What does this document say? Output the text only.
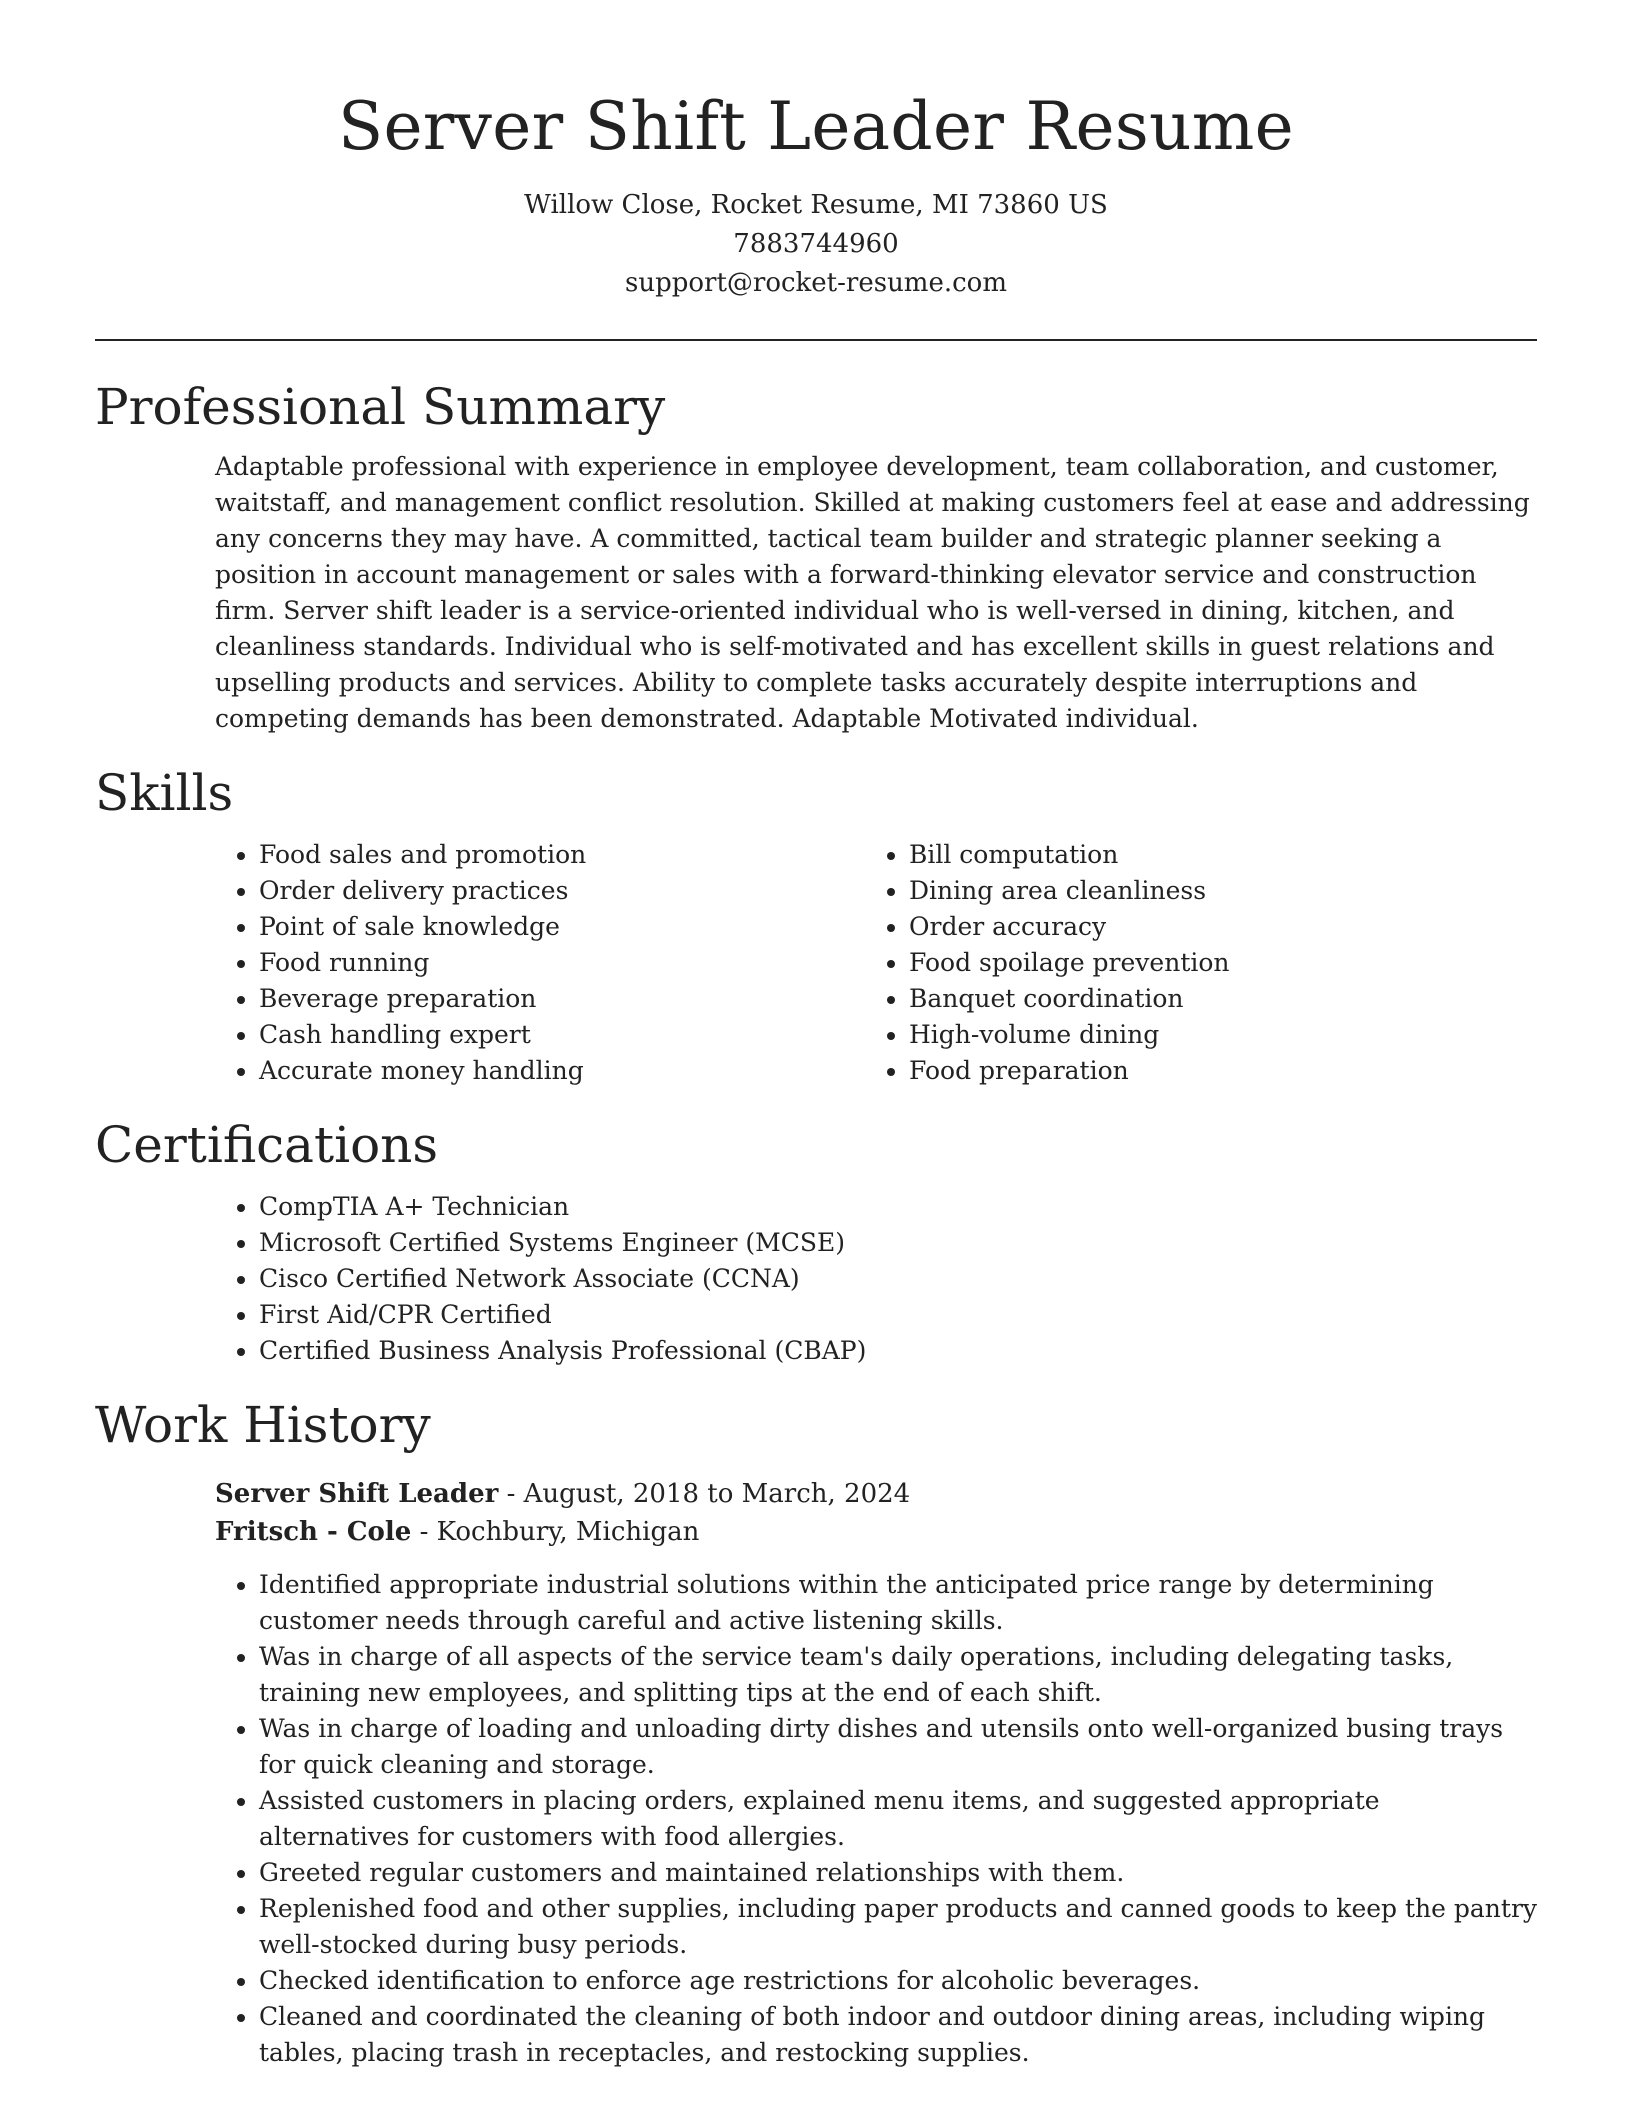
Server Shift Leader Resume
Willow Close, Rocket Resume, MI 73860 US
7883744960
support@rocket-resume.com
Professional Summary

Adaptable professional with experience in employee development, team collaboration, and customer, waitstaff, and management conflict resolution. Skilled at making customers feel at ease and addressing any concerns they may have. A committed, tactical team builder and strategic planner seeking a position in account management or sales with a forward-thinking elevator service and construction firm. Server shift leader is a service-oriented individual who is well-versed in dining, kitchen, and cleanliness standards. Individual who is self-motivated and has excellent skills in guest relations and upselling products and services. Ability to complete tasks accurately despite interruptions and competing demands has been demonstrated. Adaptable Motivated individual.

Skills
• Food sales and promotion
• Order delivery practices
• Point of sale knowledge
• Food running
• Beverage preparation
• Cash handling expert
• Accurate money handling
• Bill computation
• Dining area cleanliness
• Order accuracy
• Food spoilage prevention
• Banquet coordination
• High-volume dining
• Food preparation
Certifications
• CompTIA A+ Technician
• Microsoft Certified Systems Engineer (MCSE)
• Cisco Certified Network Associate (CCNA)
• First Aid/CPR Certified
• Certified Business Analysis Professional (CBAP)
Work History
Server Shift Leader - August, 2018 to March, 2024
Fritsch - Cole - Kochbury, Michigan
• Identified appropriate industrial solutions within the anticipated price range by determining customer needs through careful and active listening skills.
• Was in charge of all aspects of the service team's daily operations, including delegating tasks, training new employees, and splitting tips at the end of each shift.
• Was in charge of loading and unloading dirty dishes and utensils onto well-organized busing trays for quick cleaning and storage.
• Assisted customers in placing orders, explained menu items, and suggested appropriate alternatives for customers with food allergies.
• Greeted regular customers and maintained relationships with them.
• Replenished food and other supplies, including paper products and canned goods to keep the pantry well-stocked during busy periods.
• Checked identification to enforce age restrictions for alcoholic beverages.
• Cleaned and coordinated the cleaning of both indoor and outdoor dining areas, including wiping tables, placing trash in receptacles, and restocking supplies.
